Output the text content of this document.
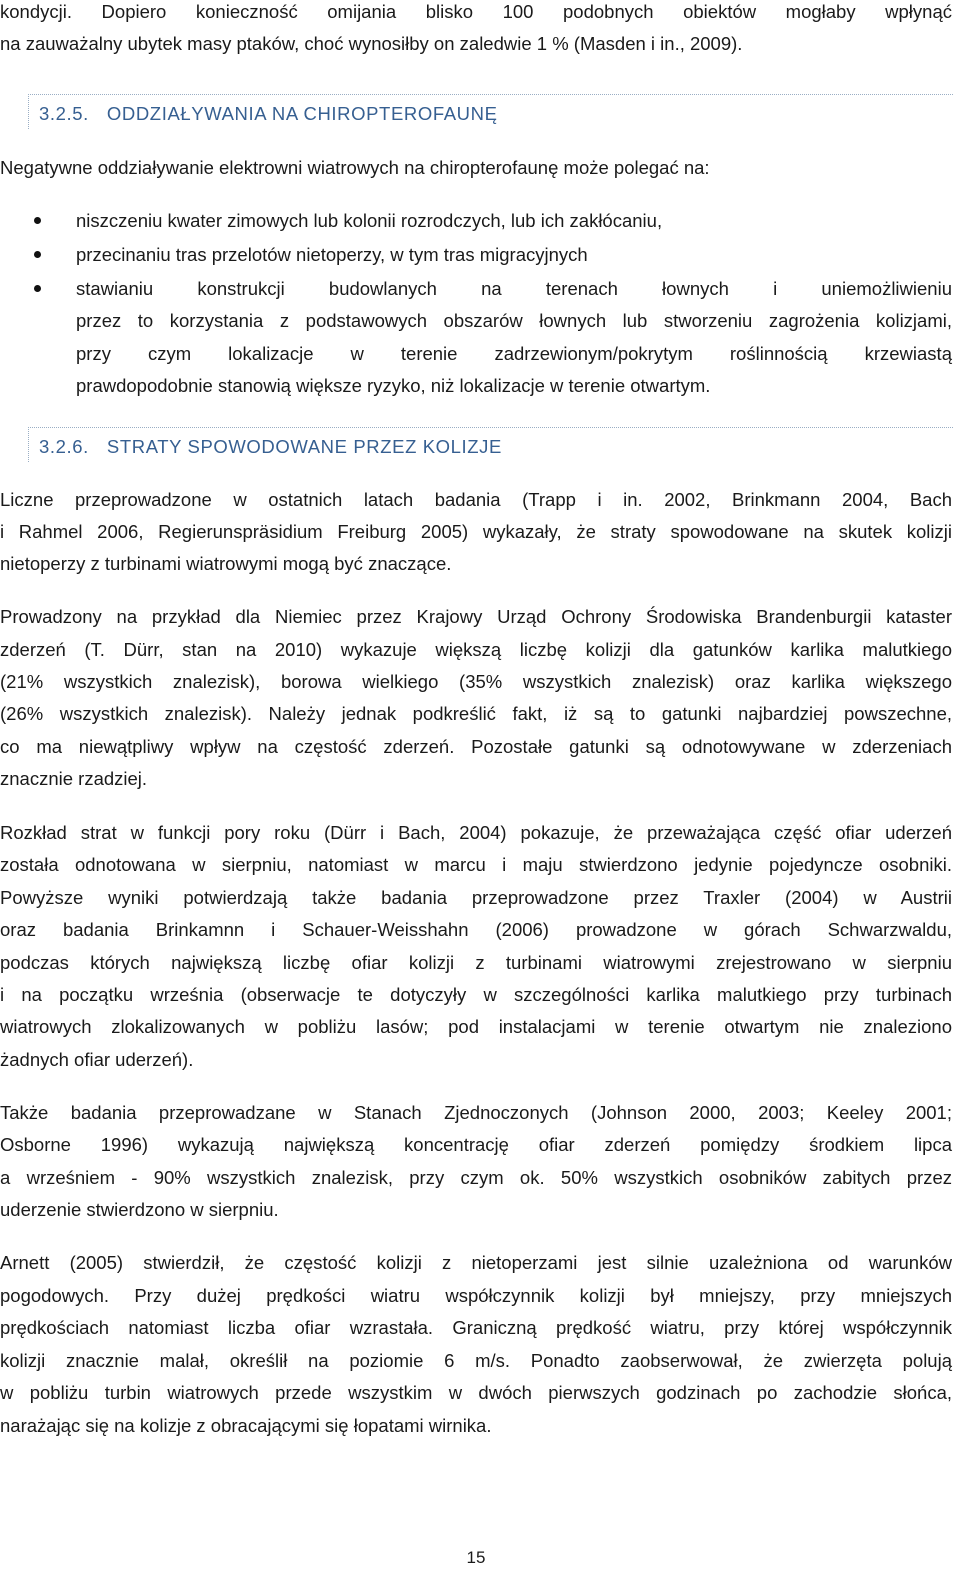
kondycji. Dopiero konieczność omijania blisko 100 podobnych obiektów mogłaby wpłynąć
na zauważalny ubytek masy ptaków, choć wynosiłby on zaledwie 1 % (Masden i in., 2009).
3.2.5. ODDZIAŁYWANIA NA CHIROPTEROFAUNĘ
Negatywne oddziaływanie elektrowni wiatrowych na chiropterofaunę może polegać na:
niszczeniu kwater zimowych lub kolonii rozrodczych, lub ich zakłócaniu,
przecinaniu tras przelotów nietoperzy, w tym tras migracyjnych
stawianiu konstrukcji budowlanych na terenach łownych i uniemożliwieniu
przez to korzystania z podstawowych obszarów łownych lub stworzeniu zagrożenia kolizjami,
przy czym lokalizacje w terenie zadrzewionym/pokrytym roślinnością krzewiastą
prawdopodobnie stanowią większe ryzyko, niż lokalizacje w terenie otwartym.
3.2.6. STRATY SPOWODOWANE PRZEZ KOLIZJE
Liczne przeprowadzone w ostatnich latach badania (Trapp i in. 2002, Brinkmann 2004, Bach
i Rahmel 2006, Regierunspräsidium Freiburg 2005) wykazały, że straty spowodowane na skutek kolizji
nietoperzy z turbinami wiatrowymi mogą być znaczące.
Prowadzony na przykład dla Niemiec przez Krajowy Urząd Ochrony Środowiska Brandenburgii kataster
zderzeń (T. Dürr, stan na 2010) wykazuje większą liczbę kolizji dla gatunków karlika malutkiego
(21% wszystkich znalezisk), borowa wielkiego (35% wszystkich znalezisk) oraz karlika większego
(26% wszystkich znalezisk). Należy jednak podkreślić fakt, iż są to gatunki najbardziej powszechne,
co ma niewątpliwy wpływ na częstość zderzeń. Pozostałe gatunki są odnotowywane w zderzeniach
znacznie rzadziej.
Rozkład strat w funkcji pory roku (Dürr i Bach, 2004) pokazuje, że przeważająca część ofiar uderzeń
została odnotowana w sierpniu, natomiast w marcu i maju stwierdzono jedynie pojedyncze osobniki.
Powyższe wyniki potwierdzają także badania przeprowadzone przez Traxler (2004) w Austrii
oraz badania Brinkamnn i Schauer-Weisshahn (2006) prowadzone w górach Schwarzwaldu,
podczas których największą liczbę ofiar kolizji z turbinami wiatrowymi zrejestrowano w sierpniu
i na początku września (obserwacje te dotyczyły w szczególności karlika malutkiego przy turbinach
wiatrowych zlokalizowanych w pobliżu lasów; pod instalacjami w terenie otwartym nie znaleziono
żadnych ofiar uderzeń).
Także badania przeprowadzane w Stanach Zjednoczonych (Johnson 2000, 2003; Keeley 2001;
Osborne 1996) wykazują największą koncentrację ofiar zderzeń pomiędzy środkiem lipca
a wrześniem - 90% wszystkich znalezisk, przy czym ok. 50% wszystkich osobników zabitych przez
uderzenie stwierdzono w sierpniu.
Arnett (2005) stwierdził, że częstość kolizji z nietoperzami jest silnie uzależniona od warunków
pogodowych. Przy dużej prędkości wiatru współczynnik kolizji był mniejszy, przy mniejszych
prędkościach natomiast liczba ofiar wzrastała. Graniczną prędkość wiatru, przy której współczynnik
kolizji znacznie malał, określił na poziomie 6 m/s. Ponadto zaobserwował, że zwierzęta polują
w pobliżu turbin wiatrowych przede wszystkim w dwóch pierwszych godzinach po zachodzie słońca,
narażając się na kolizje z obracającymi się łopatami wirnika.
15
